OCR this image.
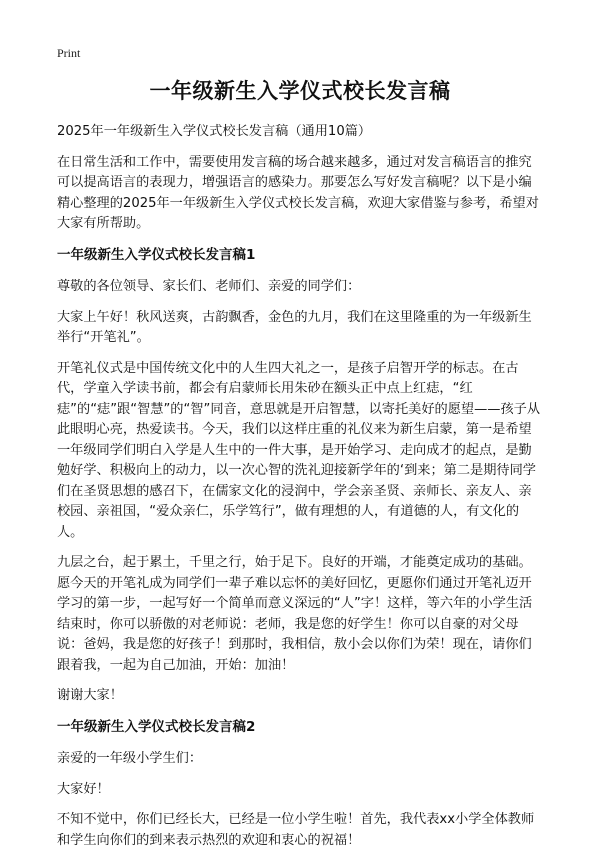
Print
一年级新生入学仪式校长发言稿

2025年一年级新生入学仪式校长发言稿（通用10篇）

在日常生活和工作中，需要使用发言稿的场合越来越多，通过对发言稿语言的推究可以提高语言的表现力，增强语言的感染力。那要怎么写好发言稿呢？以下是小编精心整理的2025年一年级新生入学仪式校长发言稿，欢迎大家借鉴与参考，希望对大家有所帮助。

一年级新生入学仪式校长发言稿1

尊敬的各位领导、家长们、老师们、亲爱的同学们：

大家上午好！秋风送爽，古韵飘香，金色的九月，我们在这里隆重的为一年级新生举行“开笔礼”。

开笔礼仪式是中国传统文化中的人生四大礼之一，是孩子启智开学的标志。在古代，学童入学读书前，都会有启蒙师长用朱砂在额头正中点上红痣，“红痣”的“痣”跟“智慧”的“智”同音，意思就是开启智慧，以寄托美好的愿望——孩子从此眼明心亮，热爱读书。今天，我们以这样庄重的礼仪来为新生启蒙，第一是希望一年级同学们明白入学是人生中的一件大事，是开始学习、走向成才的起点，是勤勉好学、积极向上的动力，以一次心智的洗礼迎接新学年的‘到来；第二是期待同学们在圣贤思想的感召下，在儒家文化的浸润中，学会亲圣贤、亲师长、亲友人、亲校园、亲祖国，“爱众亲仁，乐学笃行”，做有理想的人，有道德的人，有文化的人。

九层之台，起于累土，千里之行，始于足下。良好的开端，才能奠定成功的基础。愿今天的开笔礼成为同学们一辈子难以忘怀的美好回忆，更愿你们通过开笔礼迈开学习的第一步，一起写好一个简单而意义深远的“人”字！这样，等六年的小学生活结束时，你可以骄傲的对老师说：老师，我是您的好学生！你可以自豪的对父母说：爸妈，我是您的好孩子！到那时，我相信，敖小会以你们为荣！现在，请你们跟着我，一起为自己加油，开始：加油！

谢谢大家！

一年级新生入学仪式校长发言稿2

亲爱的一年级小学生们：

大家好！

不知不觉中，你们已经长大，已经是一位小学生啦！首先，我代表xx小学全体教师和学生向你们的到来表示热烈的欢迎和衷心的祝福！
